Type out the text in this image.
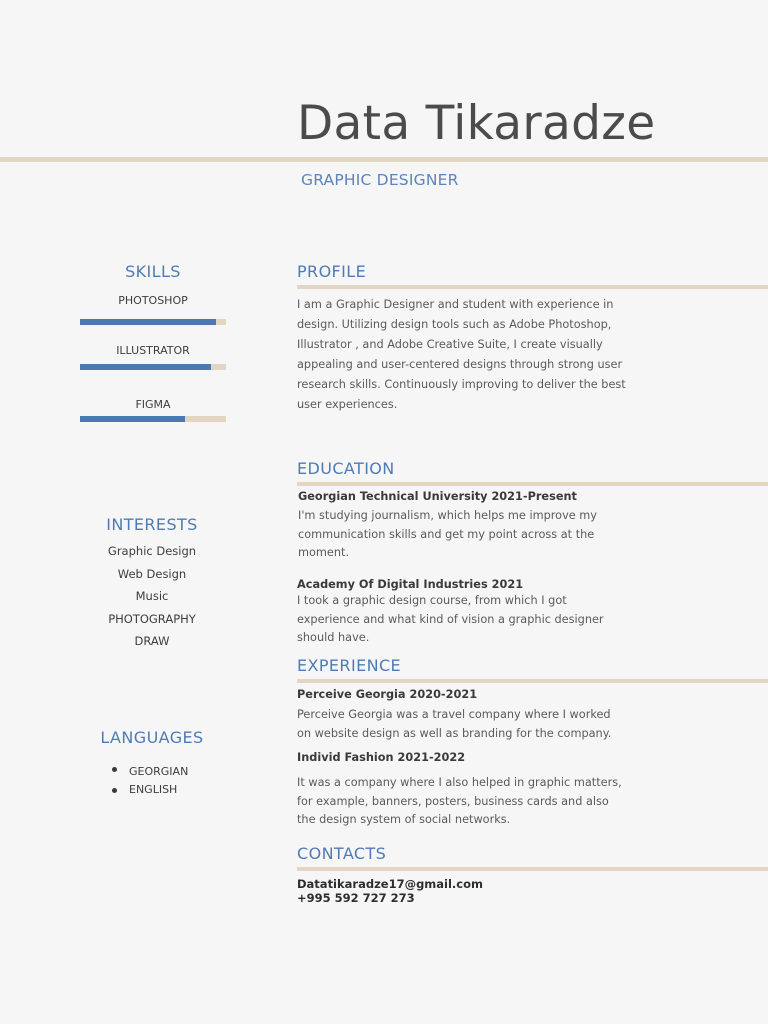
Data Tikaradze
GRAPHIC DESIGNER
SKILLS
PHOTOSHOP
ILLUSTRATOR
FIGMA
INTERESTS
Graphic Design
Web Design
Music
PHOTOGRAPHY
DRAW
LANGUAGES
GEORGIAN
ENGLISH
PROFILE
I am a Graphic Designer and student with experience in design. Utilizing design tools such as Adobe Photoshop, Illustrator , and Adobe Creative Suite, I create visually appealing and user-centered designs through strong user research skills. Continuously improving to deliver the best user experiences.
EDUCATION
Georgian Technical University 2021-Present
I'm studying journalism, which helps me improve my communication skills and get my point across at the moment.
Academy Of Digital Industries 2021
I took a graphic design course, from which I got experience and what kind of vision a graphic designer should have.
EXPERIENCE
Perceive Georgia 2020-2021
Perceive Georgia was a travel company where I worked on website design as well as branding for the company.
Individ Fashion 2021-2022
It was a company where I also helped in graphic matters, for example, banners, posters, business cards and also the design system of social networks.
CONTACTS
Datatikaradze17@gmail.com
+995 592 727 273
